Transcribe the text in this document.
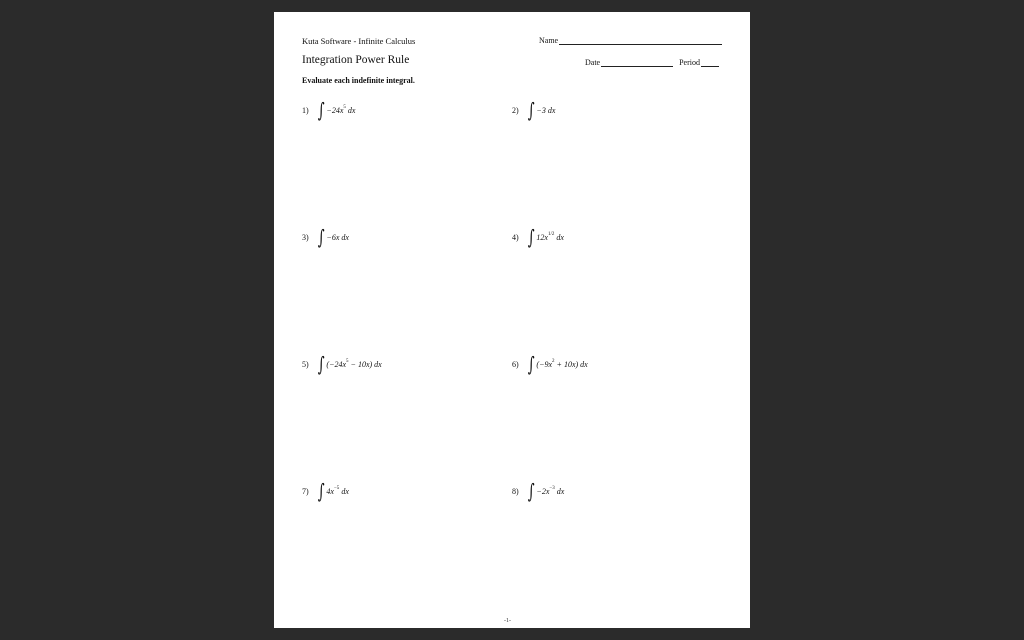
Kuta Software - Infinite Calculus
Integration Power Rule
Evaluate each indefinite integral.
Name
Date	Period
1) ∫ $-24x^5$ dx	2) ∫ −3 dx
3) ∫ −6x dx	4) ∫ $12x^{1/2}$ dx
5) ∫ $(-24x^5 - 10x)$ dx	6) ∫ $(-9x^2 + 10x)$ dx
7) ∫ $4x^{-5}$ dx	8) ∫ $-2x^{-3}$ dx
-1-
